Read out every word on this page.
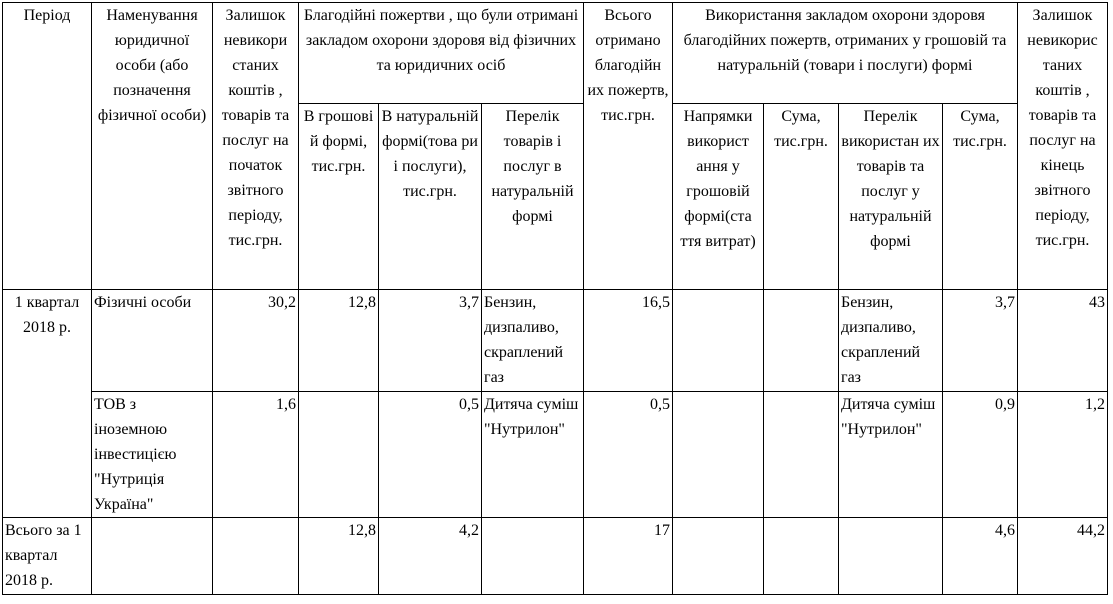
Період	Наменування юридичної особи (або позначення фізичної особи)	Залишок невикори станих коштів , товарів та послуг на початок звітного періоду, тис.грн.	Благодійні пожертви , що були отримані закладом охорони здоровя від фізичних та юридичних осіб			Всього отримано благодійн их пожертв, тис.грн.	Використання закладом охорони здоровя благодійних пожертв, отриманих у грошовій та натуральній (товари і послуги) формі				Залишок невикорис таних коштів , товарів та послуг на кінець звітного періоду, тис.грн.
			В грошові й формі, тис.грн.	В натуральній формі(това ри і послуги), тис.грн.	Перелік товарів і послуг в натуральній формі		Напрямки використ ання у грошовій формі(ста ття витрат)	Сума, тис.грн.	Перелік використан их товарів та послуг у натуральній формі	Сума, тис.грн.	
1 квартал 2018 р.	Фізичні особи	30,2	12,8	3,7	Бензин, дизпаливо, скраплений газ	16,5			Бензин, дизпаливо, скраплений газ	3,7	43
	ТОВ з іноземною інвестицією "Нутриція Україна"	1,6		0,5	Дитяча суміш "Нутрилон"	0,5			Дитяча суміш "Нутрилон"	0,9	1,2
Всього за 1 квартал 2018 р.			12,8	4,2		17				4,6	44,2
